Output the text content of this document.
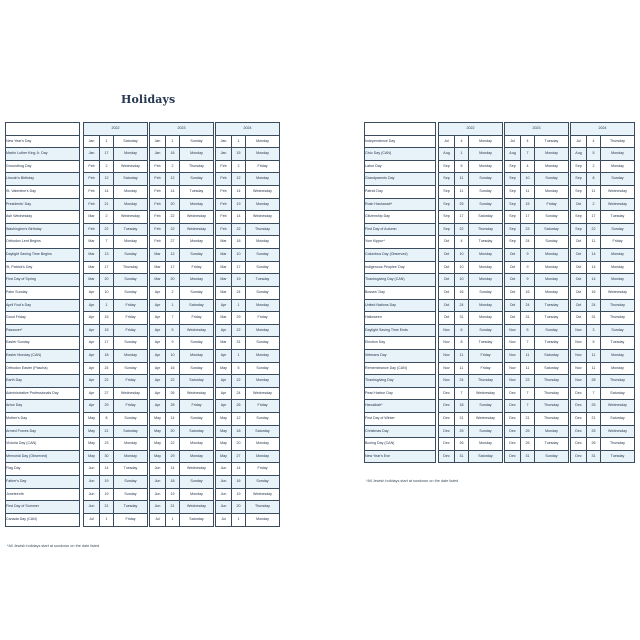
Holidays
		2022				2023				2024		
New Year's Day		Jan	1	Saturday		Jan	1	Sunday		Jan	1	Monday
Martin Luther King Jr. Day		Jan	17	Monday		Jan	16	Monday		Jan	15	Monday
Groundhog Day		Feb	2	Wednesday		Feb	2	Thursday		Feb	2	Friday
Lincoln's Birthday		Feb	12	Saturday		Feb	12	Sunday		Feb	12	Monday
St. Valentine's Day		Feb	14	Monday		Feb	14	Tuesday		Feb	14	Wednesday
Presidents' Day		Feb	21	Monday		Feb	20	Monday		Feb	19	Monday
Ash Wednesday		Mar	2	Wednesday		Feb	22	Wednesday		Feb	14	Wednesday
Washington's Birthday		Feb	22	Tuesday		Feb	22	Wednesday		Feb	22	Thursday
Orthodox Lent Begins		Mar	7	Monday		Feb	27	Monday		Mar	18	Monday
Daylight Saving Time Begins		Mar	13	Sunday		Mar	12	Sunday		Mar	10	Sunday
St. Patrick's Day		Mar	17	Thursday		Mar	17	Friday		Mar	17	Sunday
First Day of Spring		Mar	20	Sunday		Mar	20	Monday		Mar	19	Tuesday
Palm Sunday		Apr	10	Sunday		Apr	2	Sunday		Mar	24	Sunday
April Fool's Day		Apr	1	Friday		Apr	1	Saturday		Apr	1	Monday
Good Friday		Apr	15	Friday		Apr	7	Friday		Mar	29	Friday
Passover*		Apr	15	Friday		Apr	5	Wednesday		Apr	22	Monday
Easter Sunday		Apr	17	Sunday		Apr	9	Sunday		Mar	31	Sunday
Easter Monday (CAN)		Apr	18	Monday		Apr	10	Monday		Apr	1	Monday
Orthodox Easter (Pascha)		Apr	24	Sunday		Apr	16	Sunday		May	5	Sunday
Earth Day		Apr	22	Friday		Apr	22	Saturday		Apr	22	Monday
Administrative Professionals Day		Apr	27	Wednesday		Apr	26	Wednesday		Apr	24	Wednesday
Arbor Day		Apr	29	Friday		Apr	28	Friday		Apr	26	Friday
Mother's Day		May	8	Sunday		May	14	Sunday		May	12	Sunday
Armed Forces Day		May	21	Saturday		May	20	Saturday		May	18	Saturday
Victoria Day (CAN)		May	23	Monday		May	22	Monday		May	20	Monday
Memorial Day (Observed)		May	30	Monday		May	29	Monday		May	27	Monday
Flag Day		Jun	14	Tuesday		Jun	14	Wednesday		Jun	14	Friday
Father's Day		Jun	19	Sunday		Jun	18	Sunday		Jun	16	Sunday
Juneteenth		Jun	19	Sunday		Jun	19	Monday		Jun	19	Wednesday
First Day of Summer		Jun	21	Tuesday		Jun	21	Wednesday		Jun	20	Thursday
Canada Day (CAN)		Jul	1	Friday		Jul	1	Saturday		Jul	1	Monday
*All Jewish holidays start at sundown on the date listed
		2022				2023				2024		
Independence Day		Jul	4	Monday		Jul	4	Tuesday		Jul	4	Thursday
Civic Day (CAN)		Aug	1	Monday		Aug	7	Monday		Aug	5	Monday
Labor Day		Sep	5	Monday		Sep	4	Monday		Sep	2	Monday
Grandparents Day		Sep	11	Sunday		Sep	10	Sunday		Sep	8	Sunday
Patriot Day		Sep	11	Sunday		Sep	11	Monday		Sep	11	Wednesday
Rosh Hashanah*		Sep	25	Sunday		Sep	15	Friday		Oct	2	Wednesday
Citizenship Day		Sep	17	Saturday		Sep	17	Sunday		Sep	17	Tuesday
First Day of Autumn		Sep	22	Thursday		Sep	23	Saturday		Sep	22	Sunday
Yom Kippur*		Oct	4	Tuesday		Sep	24	Sunday		Oct	11	Friday
Columbus Day (Observed)		Oct	10	Monday		Oct	9	Monday		Oct	14	Monday
Indigenous Peoples' Day		Oct	10	Monday		Oct	9	Monday		Oct	14	Monday
Thanksgiving Day (CAN)		Oct	10	Monday		Oct	9	Monday		Oct	14	Monday
Bosses' Day		Oct	16	Sunday		Oct	16	Monday		Oct	16	Wednesday
United Nations Day		Oct	24	Monday		Oct	24	Tuesday		Oct	24	Thursday
Halloween		Oct	31	Monday		Oct	31	Tuesday		Oct	31	Thursday
Daylight Saving Time Ends		Nov	6	Sunday		Nov	5	Sunday		Nov	3	Sunday
Election Day		Nov	8	Tuesday		Nov	7	Tuesday		Nov	5	Tuesday
Veterans Day		Nov	11	Friday		Nov	11	Saturday		Nov	11	Monday
Remembrance Day (CAN)		Nov	11	Friday		Nov	11	Saturday		Nov	11	Monday
Thanksgiving Day		Nov	24	Thursday		Nov	23	Thursday		Nov	28	Thursday
Pearl Harbor Day		Dec	7	Wednesday		Dec	7	Thursday		Dec	7	Saturday
Hanukkah*		Dec	18	Sunday		Dec	7	Thursday		Dec	25	Wednesday
First Day of Winter		Dec	21	Wednesday		Dec	21	Thursday		Dec	21	Saturday
Christmas Day		Dec	25	Sunday		Dec	25	Monday		Dec	25	Wednesday
Boxing Day (CAN)		Dec	26	Monday		Dec	26	Tuesday		Dec	26	Thursday
New Year's Eve		Dec	31	Saturday		Dec	31	Sunday		Dec	31	Tuesday
*All Jewish holidays start at sundown on the date listed
